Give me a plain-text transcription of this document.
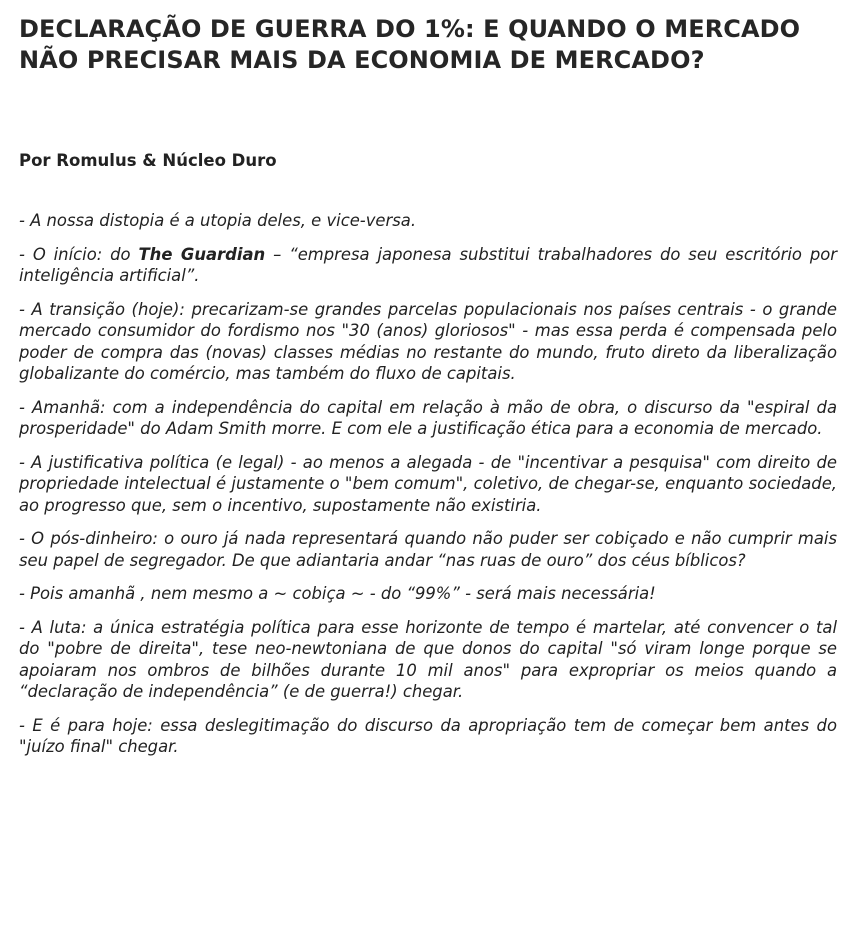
DECLARAÇÃO DE GUERRA DO 1%: E QUANDO O MERCADO NÃO PRECISAR MAIS DA ECONOMIA DE MERCADO?

Por Romulus & Núcleo Duro

- A nossa distopia é a utopia deles, e vice-versa.

- O início: do The Guardian – “empresa japonesa substitui trabalhadores do seu escritório por inteligência artificial”.

- A transição (hoje): precarizam-se grandes parcelas populacionais nos países centrais - o grande mercado consumidor do fordismo nos "30 (anos) gloriosos" - mas essa perda é compensada pelo poder de compra das (novas) classes médias no restante do mundo, fruto direto da liberalização globalizante do comércio, mas também do fluxo de capitais.

- Amanhã: com a independência do capital em relação à mão de obra, o discurso da "espiral da prosperidade" do Adam Smith morre. E com ele a justificação ética para a economia de mercado.

- A justificativa política (e legal) - ao menos a alegada - de "incentivar a pesquisa" com direito de propriedade intelectual é justamente o "bem comum", coletivo, de chegar-se, enquanto sociedade, ao progresso que, sem o incentivo, supostamente não existiria.

- O pós-dinheiro: o ouro já nada representará quando não puder ser cobiçado e não cumprir mais seu papel de segregador. De que adiantaria andar “nas ruas de ouro” dos céus bíblicos?

- Pois amanhã , nem mesmo a ~ cobiça ~ - do “99%” - será mais necessária!

- A luta: a única estratégia política para esse horizonte de tempo é martelar, até convencer o tal do "pobre de direita", tese neo-newtoniana de que donos do capital "só viram longe porque se apoiaram nos ombros de bilhões durante 10 mil anos" para expropriar os meios quando a “declaração de independência” (e de guerra!) chegar.

- E é para hoje: essa deslegitimação do discurso da apropriação tem de começar bem antes do "juízo final" chegar.
